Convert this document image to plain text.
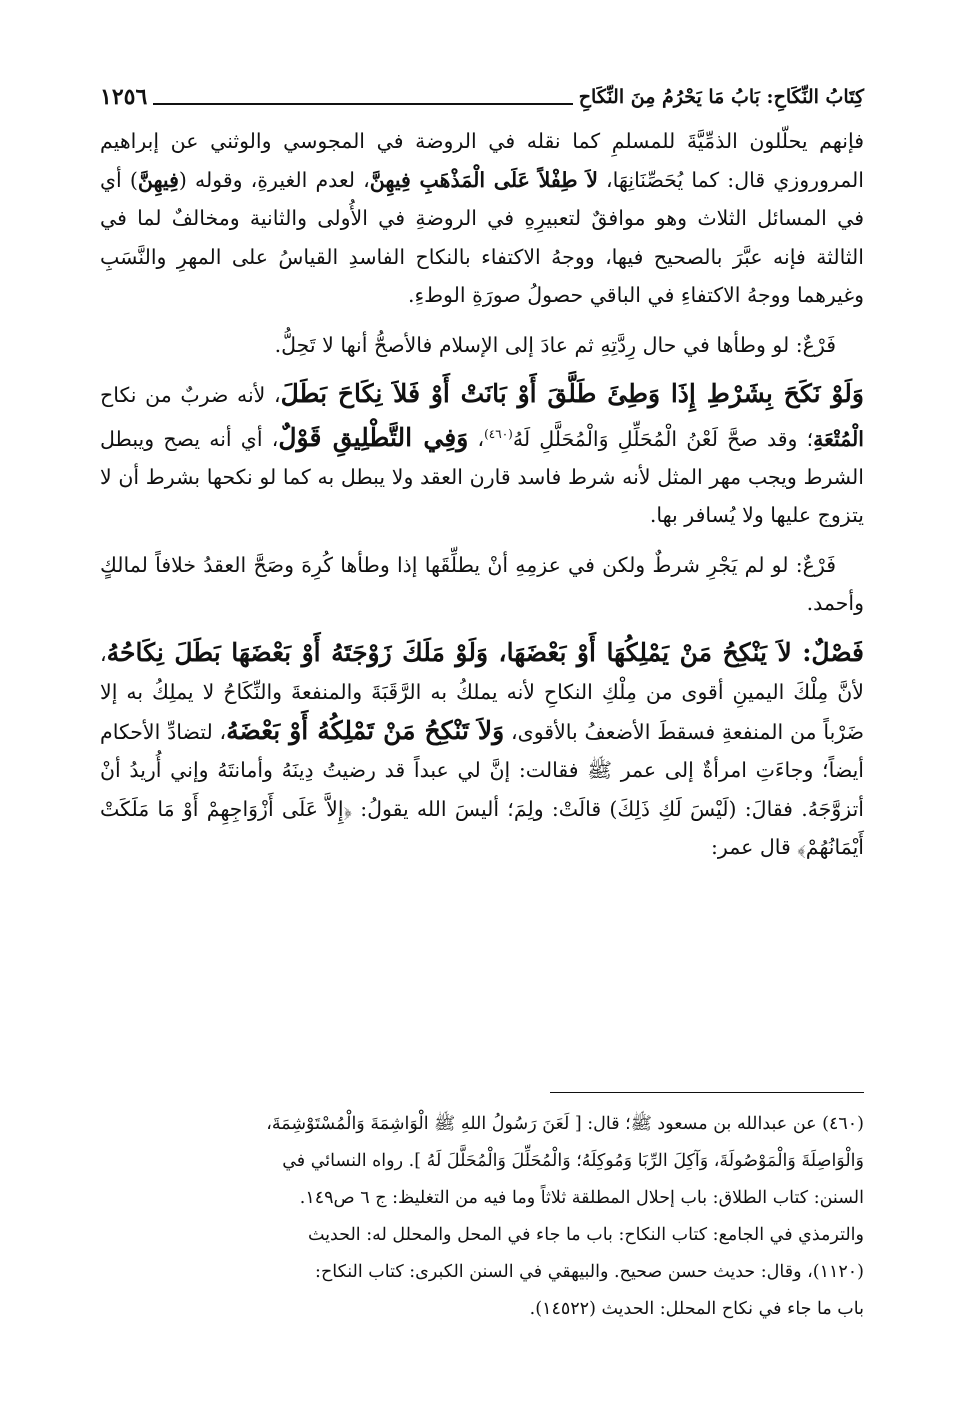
كِتَابُ النِّكَاحِ: بَابُ مَا يَحْرُمُ مِنَ النِّكَاحِ
١٢٥٦

فإنهم يحلّلون الذمِّيَّةَ للمسلمِ كما نقله في الروضة في المجوسي والوثني عن إبراهيم المروروزي قال: كما يُحَصِّنَانِهَا، لاَ طِفْلاً عَلَى الْمَذْهَبِ فِيهِنَّ، لعدم الغيرةِ، وقوله (فِيهِنَّ) أي في المسائل الثلاث وهو موافقٌ لتعبيرِهِ في الروضةِ في الأُولى والثانية ومخالفٌ لما في الثالثة فإنه عبَّرَ بالصحيح فيها، ووجهُ الاكتفاء بالنكاح الفاسدِ القياسُ على المهرِ والنَّسَبِ وغيرهما ووجهُ الاكتفاءِ في الباقي حصولُ صورَةِ الوطءِ.

فَرْعٌ: لو وطأها في حال رِدَّتِهِ ثم عادَ إلى الإسلام فالأصحُّ أنها لا تَحِلُّ.

وَلَوْ نَكَحَ بِشَرْطِ إِذَا وَطِئَ طَلَّقَ أَوْ بَانَتْ أَوْ فَلاَ نِكَاحَ بَطَلَ، لأنه ضربٌ من نكاح الْمُتْعَةِ؛ وقد صحَّ لَعْنُ الْمُحَلِّلِ وَالْمُحَلَّلِ لَهُ$^{(٤٦٠)}$، وَفِي التَّطْلِيقِ قَوْلٌ، أي أنه يصح ويبطل الشرط ويجب مهر المثل لأنه شرط فاسد قارن العقد ولا يبطل به كما لو نكحها بشرط أن لا يتزوج عليها ولا يُسافر بها.

فَرْعٌ: لو لم يَجْرِ شرطٌ ولكن في عزمِهِ أنْ يطلِّقَها إذا وطأها كُرِهَ وصَحَّ العقدُ خلافاً لمالكٍ وأحمد.

فَصْلٌ: لاَ يَنْكِحُ مَنْ يَمْلِكُهَا أَوْ بَعْضَهَا، وَلَوْ مَلَكَ زَوْجَتَهُ أَوْ بَعْضَهَا بَطَلَ نِكَاحُهُ، لأنَّ مِلْكَ اليمينِ أقوى من مِلْكِ النكاحِ لأنه يملكُ به الرَّقَبَةَ والمنفعةَ والنِّكَاحُ لا يملِكُ به إلا ضَرْباً من المنفعةِ فسقطَ الأضعفُ بالأقوى، وَلاَ تَنْكِحُ مَنْ تَمْلِكُهُ أَوْ بَعْضَهُ، لتضادِّ الأحكام أيضاً؛ وجاءَتِ امرأةٌ إلى عمر ﷺ فقالت: إنَّ لي عبداً قد رضيتُ دِينَهُ وأمانتَهُ وإني أُريدُ أنْ أتزوَّجَهُ. فقالَ: (لَيْسَ لَكِ ذَلِكَ) قالَتْ: ولِمَ؛ أليسَ الله يقولُ: ﴿إِلاَّ عَلَى أَزْوَاجِهِمْ أَوْ مَا مَلَكَتْ أَيْمَانُهُمْ﴾ قال عمر:

(٤٦٠) عن عبدالله بن مسعود ﷺ؛ قال: [ لَعَنَ رَسُولُ اللهِ ﷺ الْوَاشِمَةَ وَالْمُسْتَوْشِمَةَ،

وَالْوَاصِلَةَ وَالْمَوْصُولَةَ، وَآكِلَ الرِّبَا وَمُوكِلَهُ؛ وَالْمُحَلِّلَ وَالْمُحَلَّلَ لَهُ ]. رواه النسائي في

السنن: كتاب الطلاق: باب إحلال المطلقة ثلاثاً وما فيه من التغليظ: ج ٦ ص١٤٩.

والترمذي في الجامع: كتاب النكاح: باب ما جاء في المحل والمحلل له: الحديث

(١١٢٠)، وقال: حديث حسن صحيح. والبيهقي في السنن الكبرى: كتاب النكاح:

باب ما جاء في نكاح المحلل: الحديث (١٤٥٢٢).
